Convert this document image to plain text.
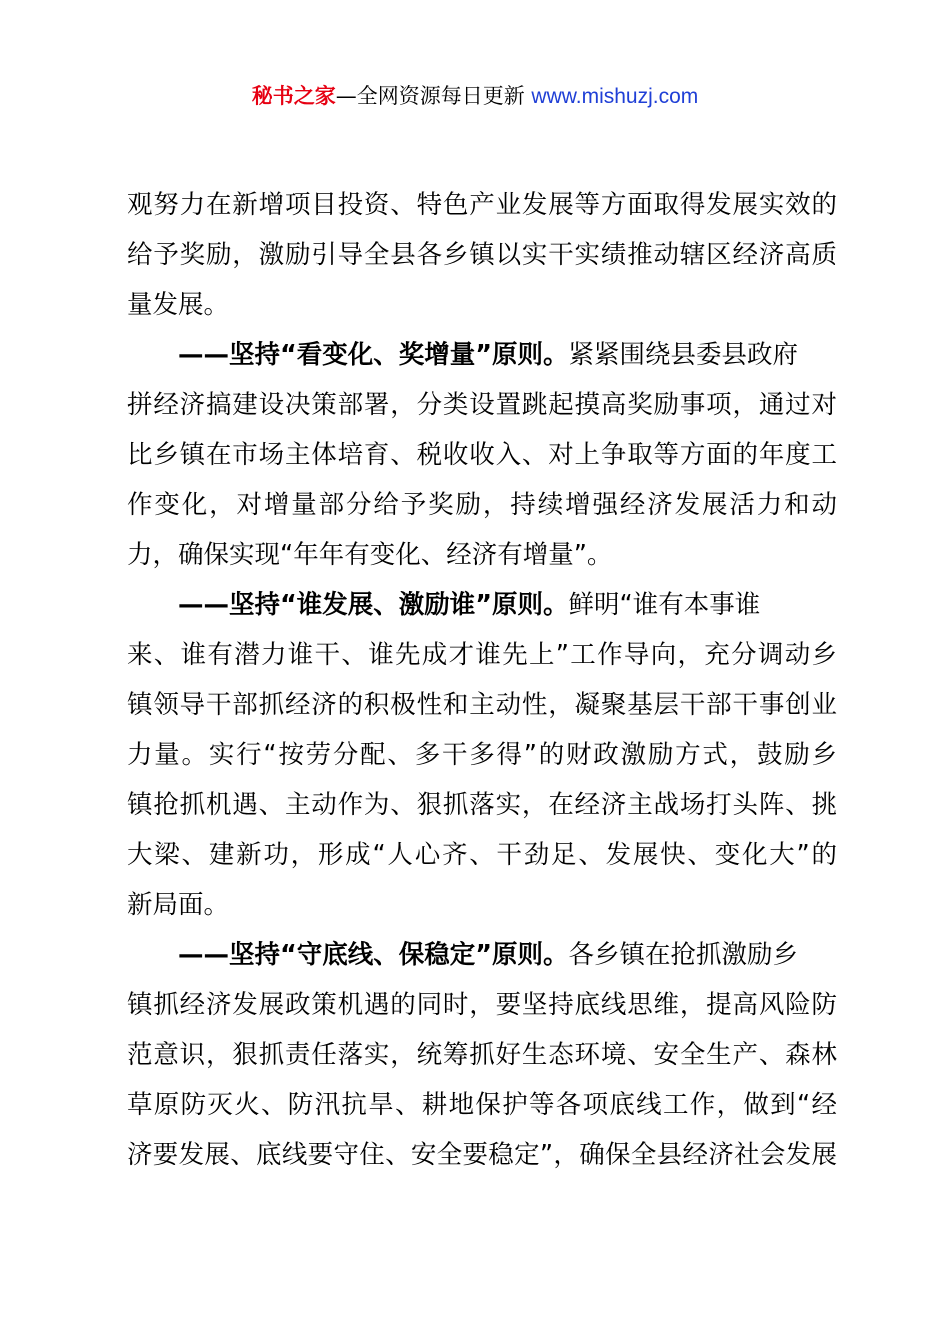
秘书之家—全网资源每日更新 www.mishuzj.com
观努力在新增项目投资、特色产业发展等方面取得发展实效的
给予奖励，激励引导全县各乡镇以实干实绩推动辖区经济高质
量发展。
——坚持“看变化、奖增量”原则。紧紧围绕县委县政府
拼经济搞建设决策部署，分类设置跳起摸高奖励事项，通过对
比乡镇在市场主体培育、税收收入、对上争取等方面的年度工
作变化，对增量部分给予奖励，持续增强经济发展活力和动
力，确保实现“年年有变化、经济有增量”。
——坚持“谁发展、激励谁”原则。鲜明“谁有本事谁
来、谁有潜力谁干、谁先成才谁先上”工作导向，充分调动乡
镇领导干部抓经济的积极性和主动性，凝聚基层干部干事创业
力量。实行“按劳分配、多干多得”的财政激励方式，鼓励乡
镇抢抓机遇、主动作为、狠抓落实，在经济主战场打头阵、挑
大梁、建新功，形成“人心齐、干劲足、发展快、变化大”的
新局面。
——坚持“守底线、保稳定”原则。各乡镇在抢抓激励乡
镇抓经济发展政策机遇的同时，要坚持底线思维，提高风险防
范意识，狠抓责任落实，统筹抓好生态环境、安全生产、森林
草原防灭火、防汛抗旱、耕地保护等各项底线工作，做到“经
济要发展、底线要守住、安全要稳定”，确保全县经济社会发展
